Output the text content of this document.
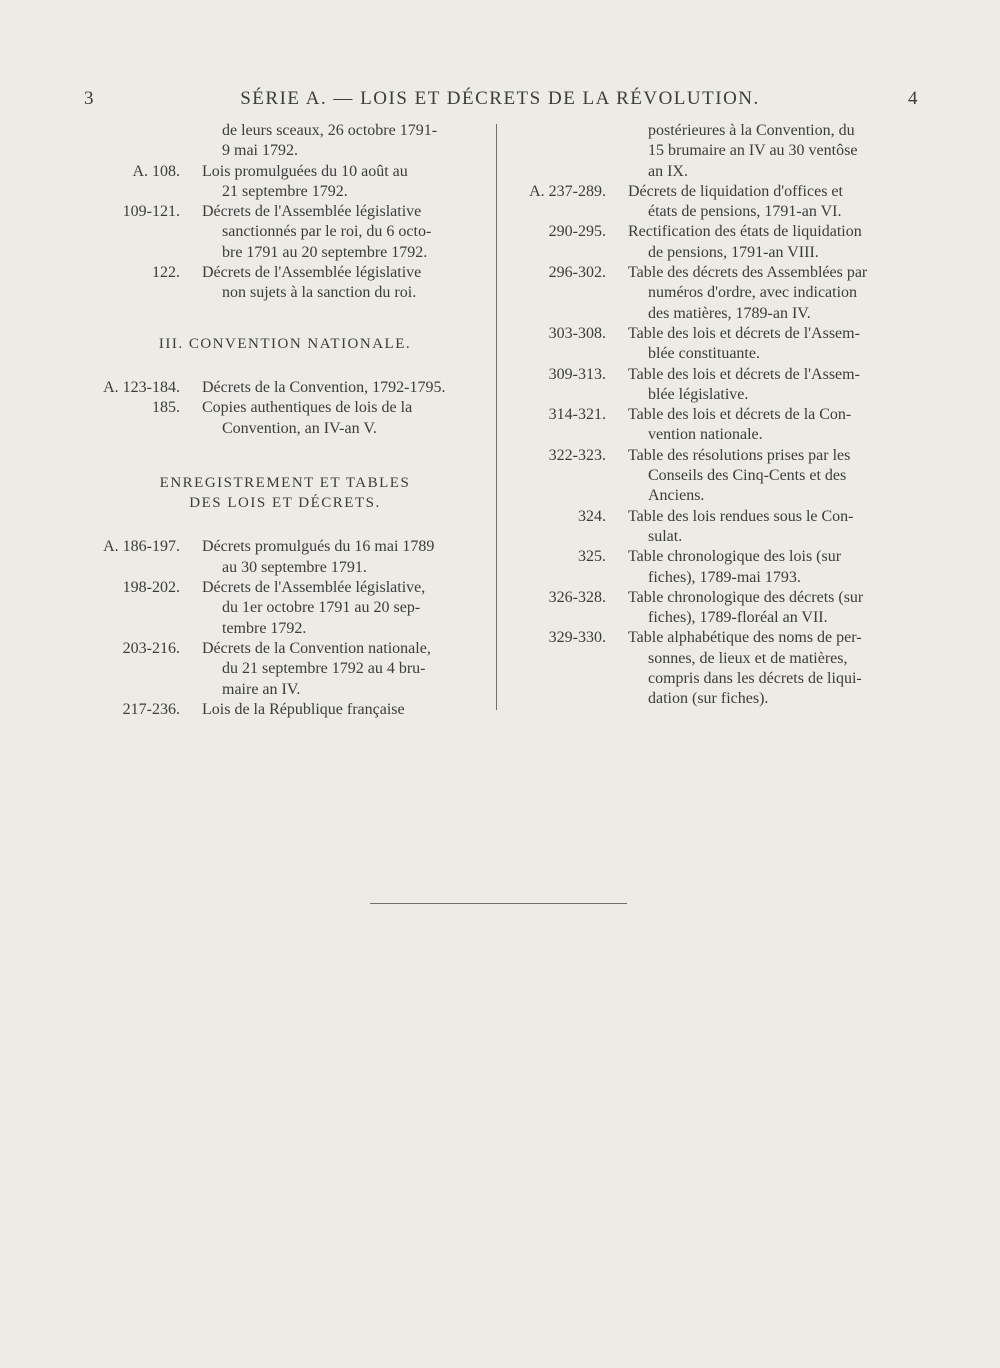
3	SÉRIE A. — LOIS ET DÉCRETS DE LA RÉVOLUTION.	4
de leurs sceaux, 26 octobre 1791-
9 mai 1792.
A. 108.	Lois promulguées du 10 août au
21 septembre 1792.
109-121.	Décrets de l'Assemblée législative
sanctionnés par le roi, du 6 octo-
bre 1791 au 20 septembre 1792.
122.	Décrets de l'Assemblée législative
non sujets à la sanction du roi.
III. CONVENTION NATIONALE.
A. 123-184.	Décrets de la Convention, 1792-1795.
185.	Copies authentiques de lois de la
Convention, an IV-an V.
ENREGISTREMENT ET TABLES
DES LOIS ET DÉCRETS.
A. 186-197.	Décrets promulgués du 16 mai 1789
au 30 septembre 1791.
198-202.	Décrets de l'Assemblée législative,
du 1er octobre 1791 au 20 sep-
tembre 1792.
203-216.	Décrets de la Convention nationale,
du 21 septembre 1792 au 4 bru-
maire an IV.
217-236.	Lois de la République française
postérieures à la Convention, du
15 brumaire an IV au 30 ventôse
an IX.
A. 237-289.	Décrets de liquidation d'offices et
états de pensions, 1791-an VI.
290-295.	Rectification des états de liquidation
de pensions, 1791-an VIII.
296-302.	Table des décrets des Assemblées par
numéros d'ordre, avec indication
des matières, 1789-an IV.
303-308.	Table des lois et décrets de l'Assem-
blée constituante.
309-313.	Table des lois et décrets de l'Assem-
blée législative.
314-321.	Table des lois et décrets de la Con-
vention nationale.
322-323.	Table des résolutions prises par les
Conseils des Cinq-Cents et des
Anciens.
324.	Table des lois rendues sous le Con-
sulat.
325.	Table chronologique des lois (sur
fiches), 1789-mai 1793.
326-328.	Table chronologique des décrets (sur
fiches), 1789-floréal an VII.
329-330.	Table alphabétique des noms de per-
sonnes, de lieux et de matières,
compris dans les décrets de liqui-
dation (sur fiches).
